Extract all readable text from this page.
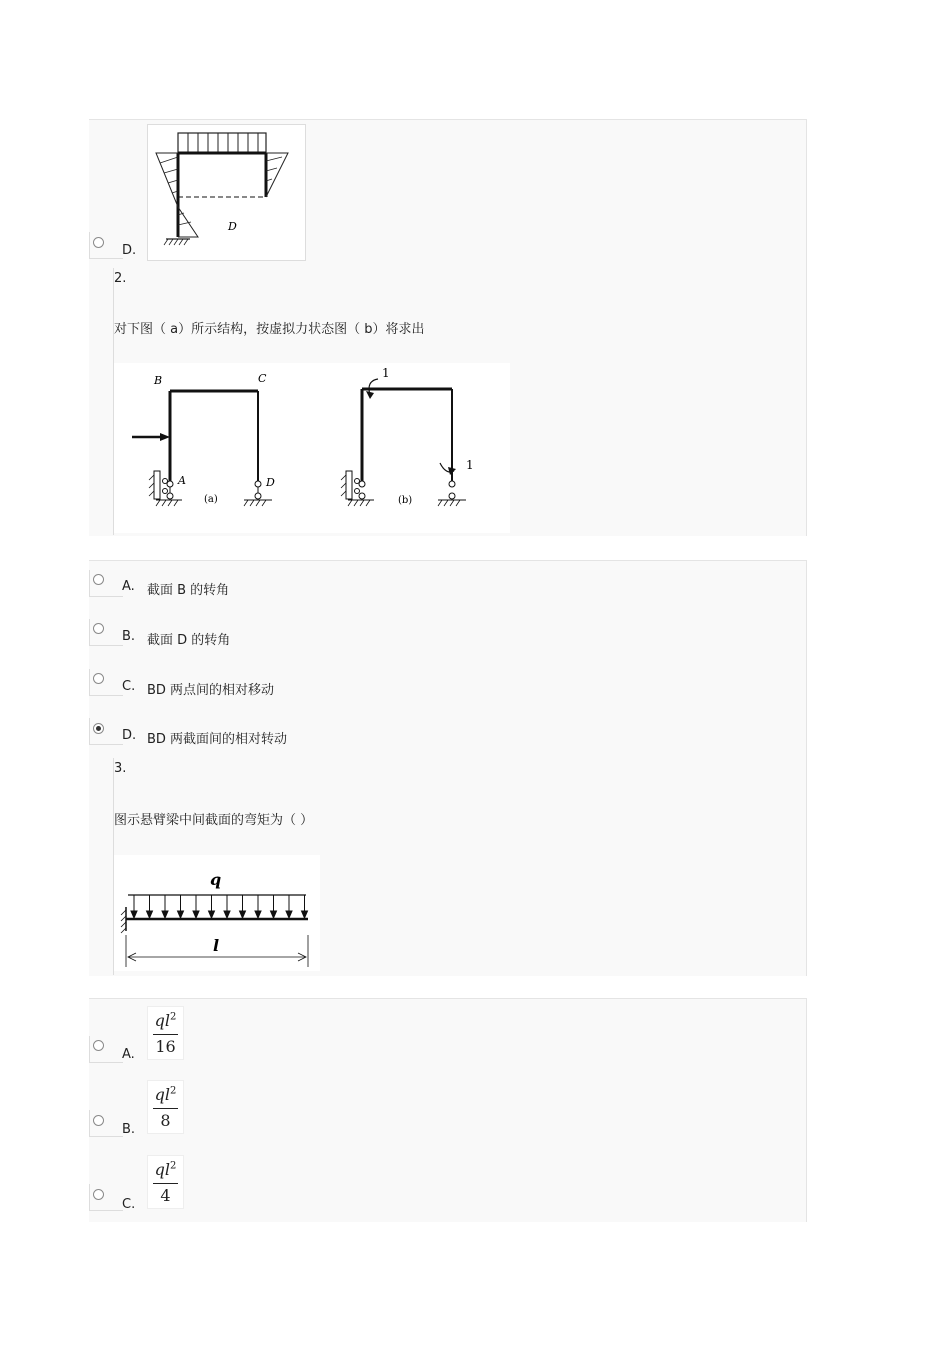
D.
D
2.
对下图（ a）所示结构，按虚拟力状态图（ b）将求出
B	C
A	D
(a)
1
1
(b)
A. 截面 B 的转角
B. 截面 D 的转角
C. BD 两点间的相对移动
D. BD 两截面间的相对转动
3.
图示悬臂梁中间截面的弯矩为（ ）
q
l
A.
$ql^2$
16
B.
$ql^2$
8
C.
$ql^2$
4
